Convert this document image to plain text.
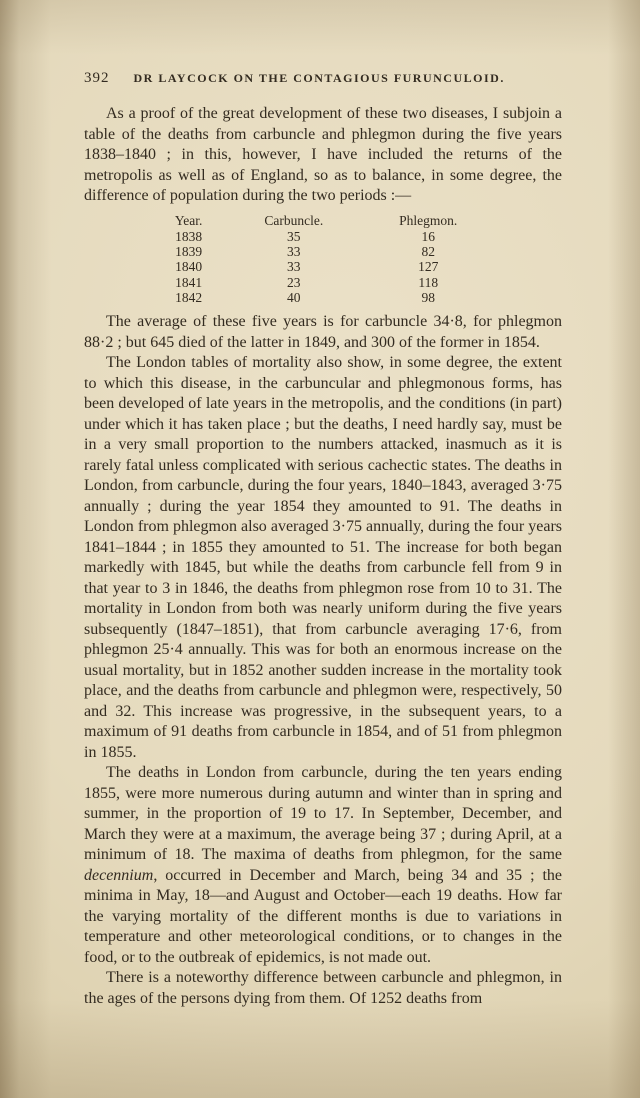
392 DR LAYCOCK ON THE CONTAGIOUS FURUNCULOID.

As a proof of the great development of these two diseases, I subjoin a table of the deaths from carbuncle and phlegmon during the five years 1838–1840 ; in this, however, I have included the returns of the metropolis as well as of England, so as to balance, in some degree, the difference of population during the two periods :—

Year.	Carbuncle.	Phlegmon.
1838	35	16
1839	33	82
1840	33	127
1841	23	118
1842	40	98

The average of these five years is for carbuncle 34·8, for phlegmon 88·2 ; but 645 died of the latter in 1849, and 300 of the former in 1854.

The London tables of mortality also show, in some degree, the extent to which this disease, in the carbuncular and phlegmonous forms, has been developed of late years in the metropolis, and the conditions (in part) under which it has taken place ; but the deaths, I need hardly say, must be in a very small proportion to the numbers attacked, inasmuch as it is rarely fatal unless complicated with serious cachectic states. The deaths in London, from carbuncle, during the four years, 1840–1843, averaged 3·75 annually ; during the year 1854 they amounted to 91. The deaths in London from phlegmon also averaged 3·75 annually, during the four years 1841–1844 ; in 1855 they amounted to 51. The increase for both began markedly with 1845, but while the deaths from carbuncle fell from 9 in that year to 3 in 1846, the deaths from phlegmon rose from 10 to 31. The mortality in London from both was nearly uniform during the five years subsequently (1847–1851), that from carbuncle averaging 17·6, from phlegmon 25·4 annually. This was for both an enormous increase on the usual mortality, but in 1852 another sudden increase in the mortality took place, and the deaths from carbuncle and phlegmon were, respectively, 50 and 32. This increase was progressive, in the subsequent years, to a maximum of 91 deaths from carbuncle in 1854, and of 51 from phlegmon in 1855.

The deaths in London from carbuncle, during the ten years ending 1855, were more numerous during autumn and winter than in spring and summer, in the proportion of 19 to 17. In September, December, and March they were at a maximum, the average being 37 ; during April, at a minimum of 18. The maxima of deaths from phlegmon, for the same decennium, occurred in December and March, being 34 and 35 ; the minima in May, 18—and August and October—each 19 deaths. How far the varying mortality of the different months is due to variations in temperature and other meteorological conditions, or to changes in the food, or to the outbreak of epidemics, is not made out.

There is a noteworthy difference between carbuncle and phlegmon, in the ages of the persons dying from them. Of 1252 deaths from
